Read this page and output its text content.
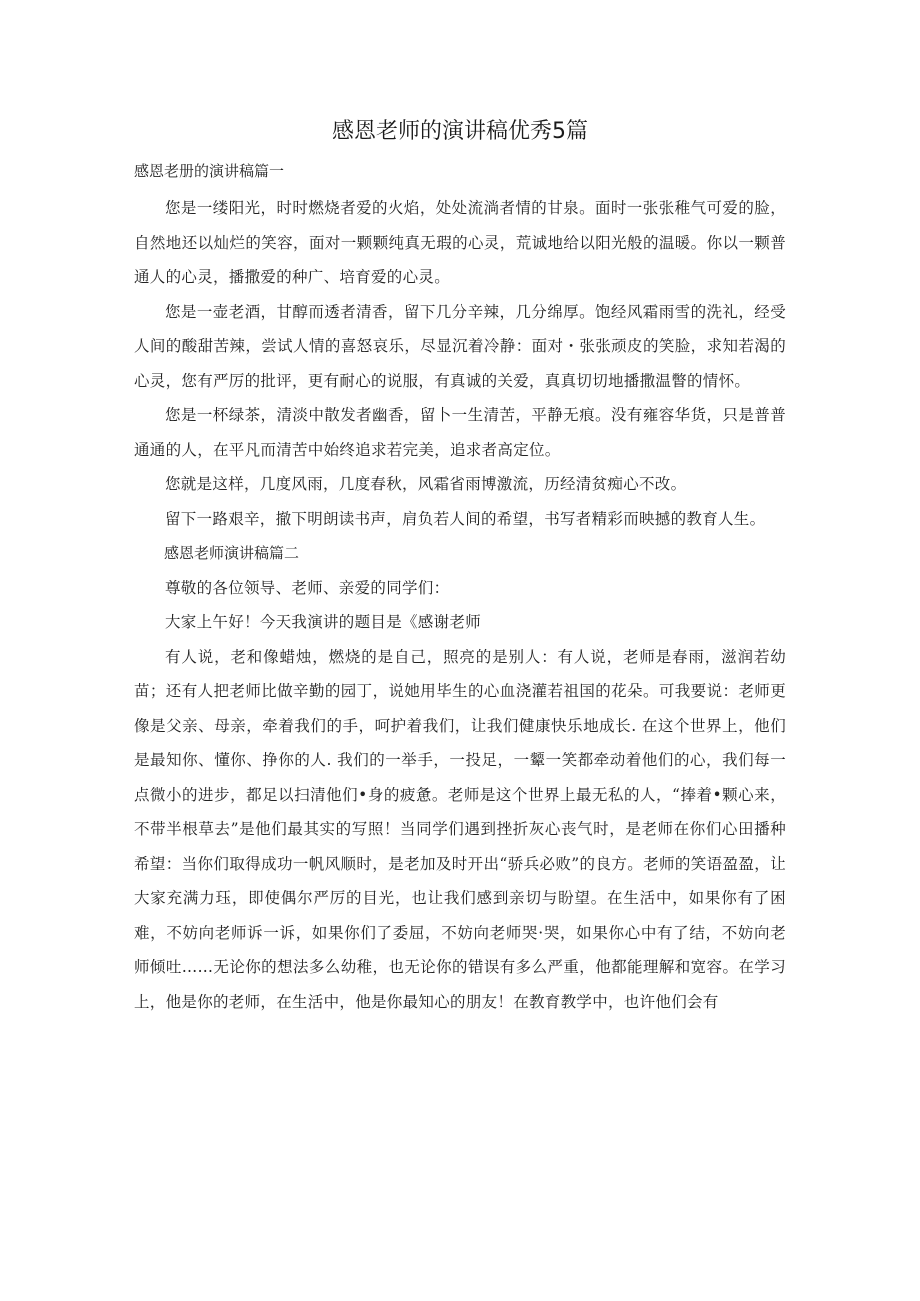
感恩老师的演讲稿优秀5篇

感恩老册的演讲稿篇一

您是一缕阳光，时时燃烧者爱的火焰，处处流淌者情的甘泉。面时一张张稚气可爱的脸，自然地还以灿烂的笑容，面对一颗颗纯真无瑕的心灵，荒诚地给以阳光般的温暖。你以一颗普通人的心灵，播撒爱的种广、培育爱的心灵。

您是一壶老酒，甘醇而透者清香，留下几分辛辣，几分绵厚。饱经风霜雨雪的洗礼，经受人间的酸甜苦辣，尝试人情的喜怒哀乐，尽显沉着冷静：面对・张张顽皮的笑脸，求知若渴的心灵，您有严厉的批评，更有耐心的说服，有真诚的关爱，真真切切地播撒温瞥的情怀。

您是一杯绿茶，清淡中散发者幽香，留卜一生清苦，平静无痕。没有雍容华货，只是普普通通的人，在平凡而清苦中始终追求若完美，追求者高定位。

您就是这样，几度风雨，几度春秋，风霜省雨博激流，历经清贫痴心不改。

留下一路艰辛，撤下明朗读书声，肩负若人间的希望，书写者精彩而映撼的教育人生。

感恩老师演讲稿篇二

尊敬的各位领导、老师、亲爱的同学们：

大家上午好！今天我演讲的题目是《感谢老师

有人说，老和像蜡烛，燃烧的是自己，照亮的是别人：有人说，老师是春雨，滋润若幼苗；还有人把老师比做辛勤的园丁，说她用毕生的心血浇灌若祖国的花朵。可我要说：老师更像是父亲、母亲，牵着我们的手，呵护着我们，让我们健康快乐地成长. 在这个世界上，他们是最知你、懂你、挣你的人. 我们的一举手，一投足，一颦一笑都牵动着他们的心，我们每一点微小的进步，都足以扫清他们•身的疲惫。老师是这个世界上最无私的人，“捧着•颗心来，不带半根草去”是他们最其实的写照！当同学们遇到挫折灰心丧气时，是老师在你们心田播种希望：当你们取得成功一帆风顺时，是老加及时开出“骄兵必败”的良方。老师的笑语盈盈，让大家充满力珏，即使偶尔严厉的目光，也让我们感到亲切与盼望。在生活中，如果你有了困难，不妨向老师诉一诉，如果你们了委屈，不妨向老师哭·哭，如果你心中有了结，不妨向老师倾吐……无论你的想法多么幼稚，也无论你的错误有多么严重，他都能理解和宽容。在学习上，他是你的老师，在生活中，他是你最知心的朋友！在教育教学中，也许他们会有
